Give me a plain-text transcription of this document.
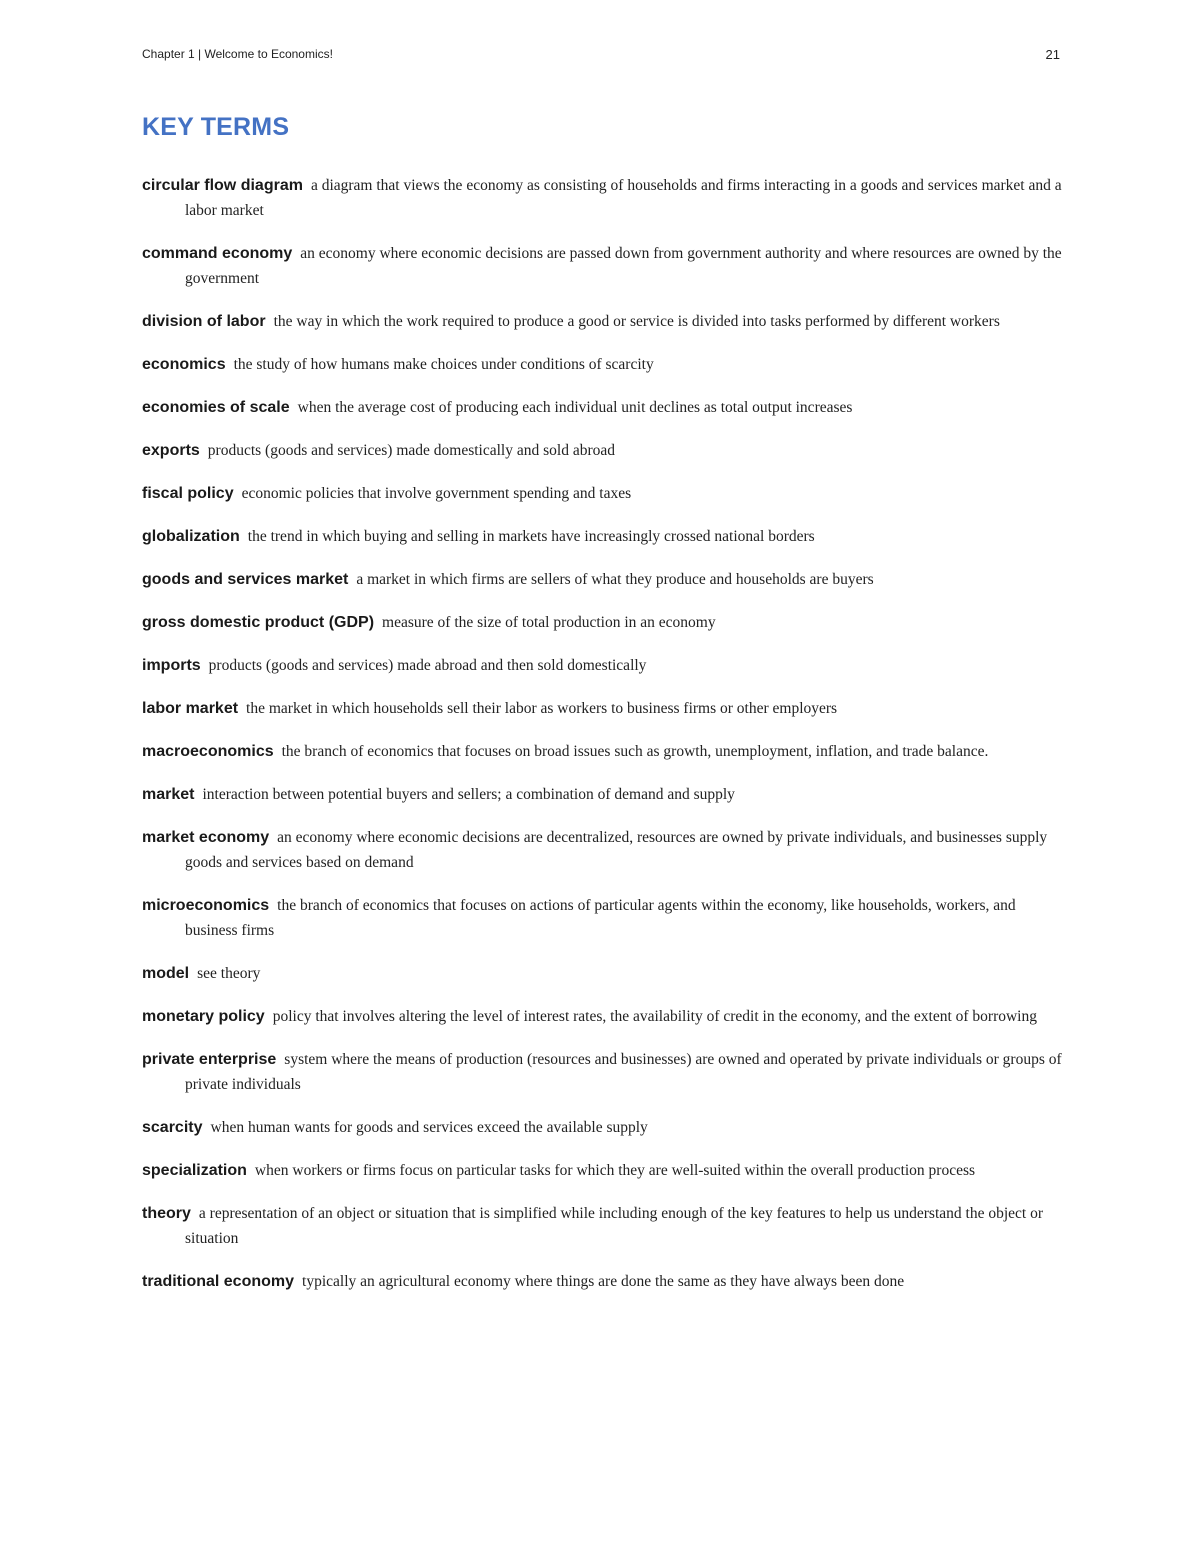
Chapter 1 | Welcome to Economics!	21
KEY TERMS

circular flow diagram a diagram that views the economy as consisting of households and firms interacting in a goods and services market and a labor market

command economy an economy where economic decisions are passed down from government authority and where resources are owned by the government

division of labor the way in which the work required to produce a good or service is divided into tasks performed by different workers

economics the study of how humans make choices under conditions of scarcity

economies of scale when the average cost of producing each individual unit declines as total output increases

exports products (goods and services) made domestically and sold abroad

fiscal policy economic policies that involve government spending and taxes

globalization the trend in which buying and selling in markets have increasingly crossed national borders

goods and services market a market in which firms are sellers of what they produce and households are buyers

gross domestic product (GDP) measure of the size of total production in an economy

imports products (goods and services) made abroad and then sold domestically

labor market the market in which households sell their labor as workers to business firms or other employers

macroeconomics the branch of economics that focuses on broad issues such as growth, unemployment, inflation, and trade balance.

market interaction between potential buyers and sellers; a combination of demand and supply

market economy an economy where economic decisions are decentralized, resources are owned by private individuals, and businesses supply goods and services based on demand

microeconomics the branch of economics that focuses on actions of particular agents within the economy, like households, workers, and business firms

model see theory

monetary policy policy that involves altering the level of interest rates, the availability of credit in the economy, and the extent of borrowing

private enterprise system where the means of production (resources and businesses) are owned and operated by private individuals or groups of private individuals

scarcity when human wants for goods and services exceed the available supply

specialization when workers or firms focus on particular tasks for which they are well-suited within the overall production process

theory a representation of an object or situation that is simplified while including enough of the key features to help us understand the object or situation

traditional economy typically an agricultural economy where things are done the same as they have always been done
